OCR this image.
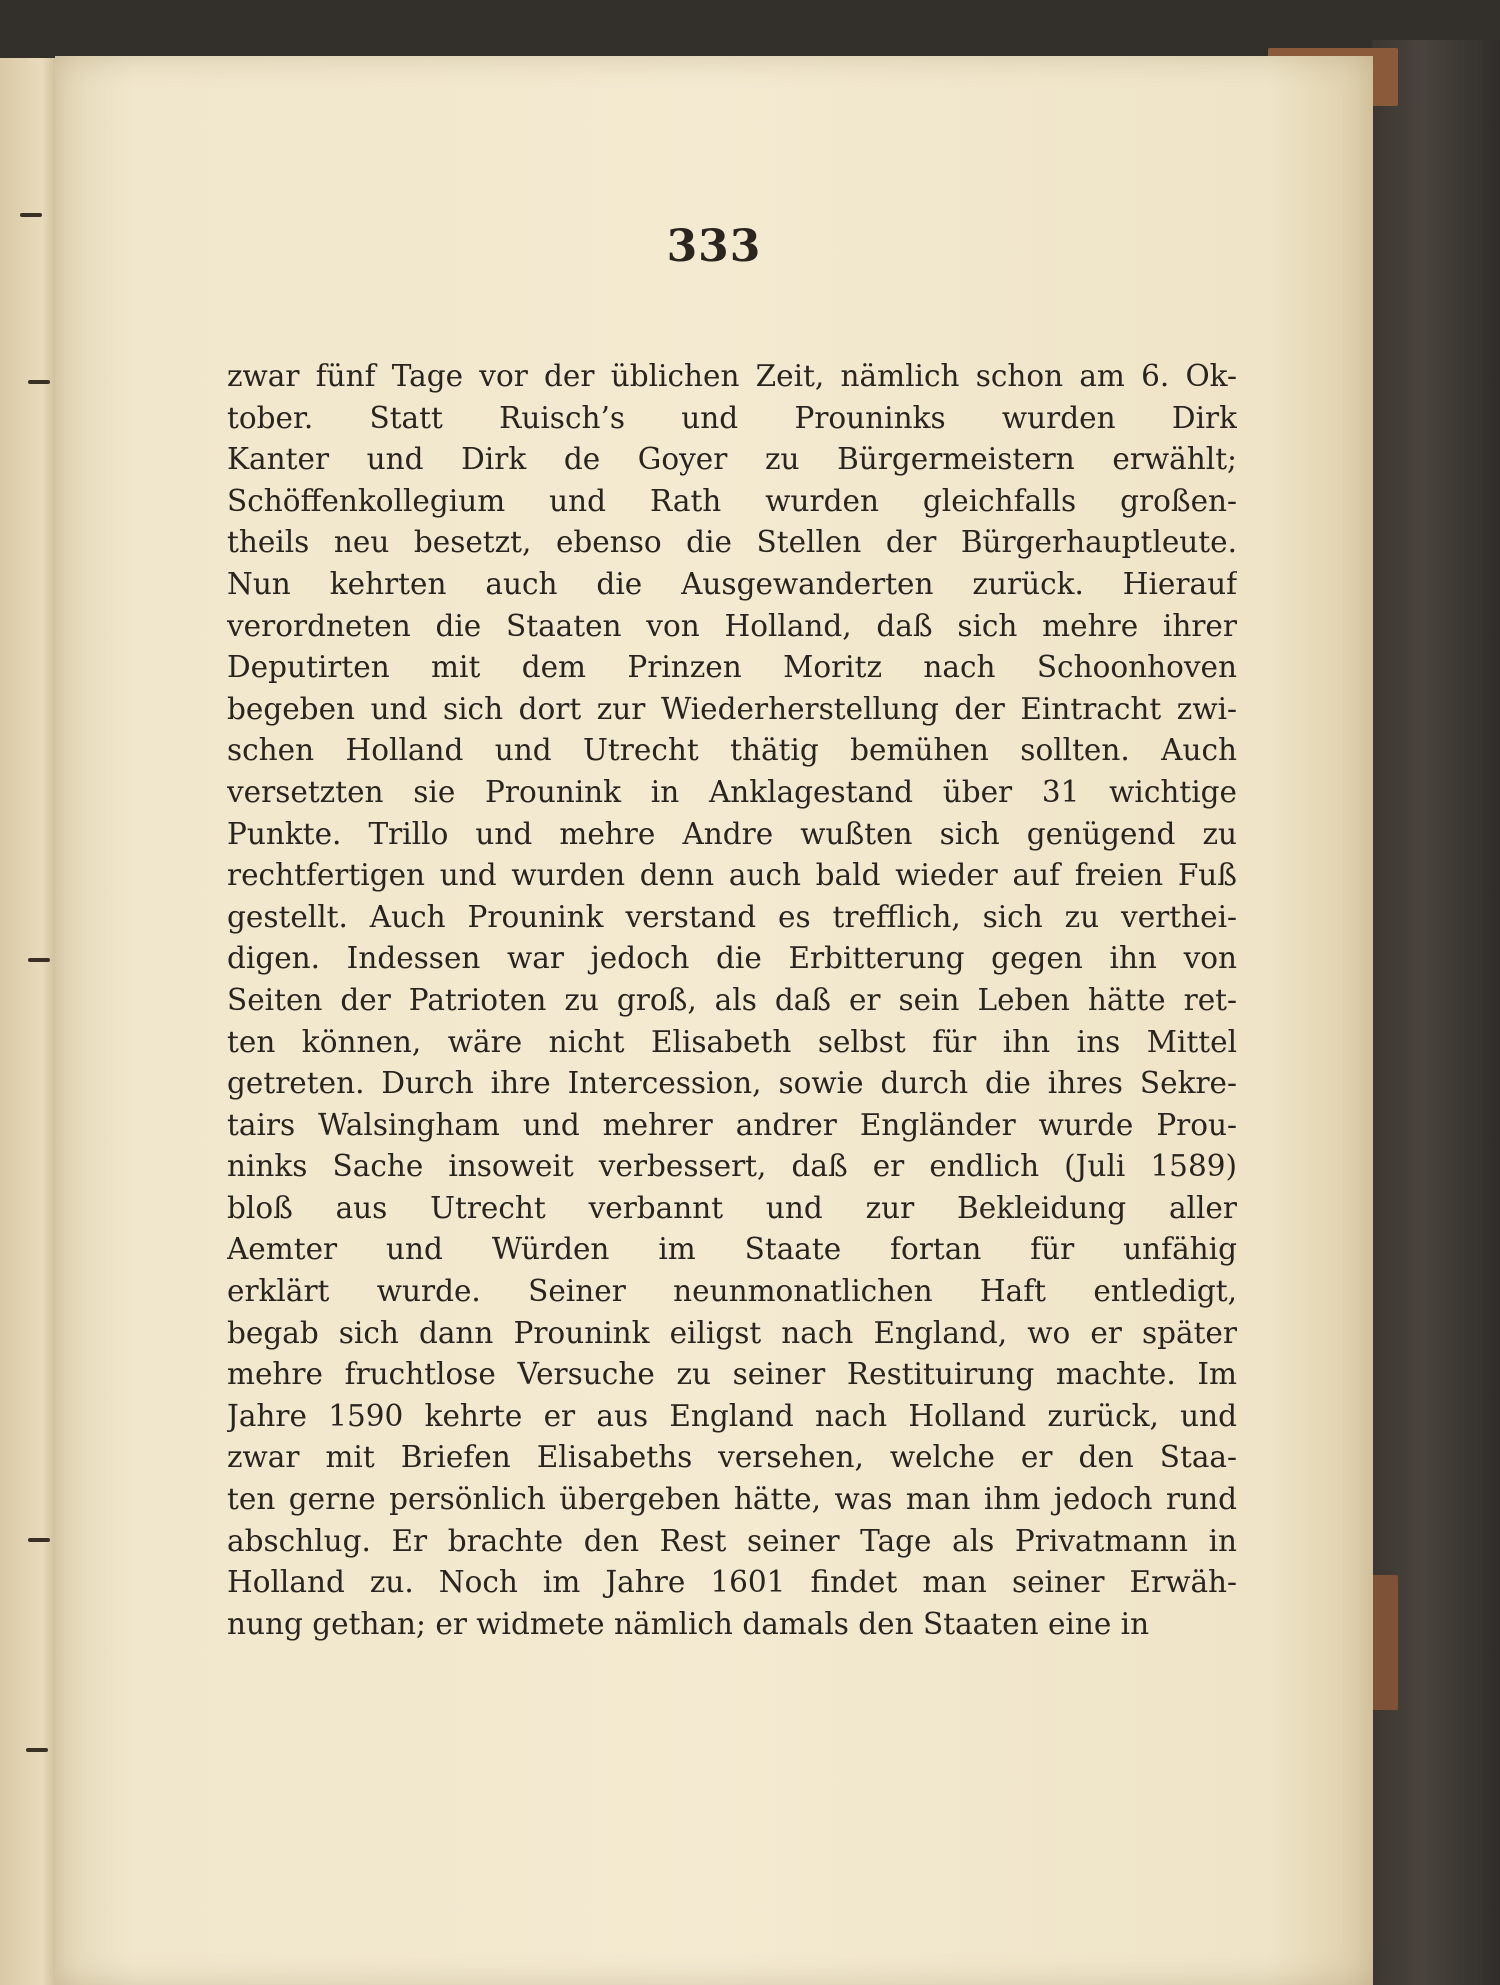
333
zwar fünf Tage vor der üblichen Zeit, nämlich schon am 6. Ok-
tober. Statt Ruisch’s und Prouninks wurden Dirk
Kanter und Dirk de Goyer zu Bürgermeistern erwählt;
Schöffenkollegium und Rath wurden gleichfalls großen-
theils neu besetzt, ebenso die Stellen der Bürgerhauptleute.
Nun kehrten auch die Ausgewanderten zurück. Hierauf
verordneten die Staaten von Holland, daß sich mehre ihrer
Deputirten mit dem Prinzen Moritz nach Schoonhoven
begeben und sich dort zur Wiederherstellung der Eintracht zwi-
schen Holland und Utrecht thätig bemühen sollten. Auch
versetzten sie Prounink in Anklagestand über 31 wichtige
Punkte. Trillo und mehre Andre wußten sich genügend zu
rechtfertigen und wurden denn auch bald wieder auf freien Fuß
gestellt. Auch Prounink verstand es trefflich, sich zu verthei-
digen. Indessen war jedoch die Erbitterung gegen ihn von
Seiten der Patrioten zu groß, als daß er sein Leben hätte ret-
ten können, wäre nicht Elisabeth selbst für ihn ins Mittel
getreten. Durch ihre Intercession, sowie durch die ihres Sekre-
tairs Walsingham und mehrer andrer Engländer wurde Prou-
ninks Sache insoweit verbessert, daß er endlich (Juli 1589)
bloß aus Utrecht verbannt und zur Bekleidung aller
Aemter und Würden im Staate fortan für unfähig
erklärt wurde. Seiner neunmonatlichen Haft entledigt,
begab sich dann Prounink eiligst nach England, wo er später
mehre fruchtlose Versuche zu seiner Restituirung machte. Im
Jahre 1590 kehrte er aus England nach Holland zurück, und
zwar mit Briefen Elisabeths versehen, welche er den Staa-
ten gerne persönlich übergeben hätte, was man ihm jedoch rund
abschlug. Er brachte den Rest seiner Tage als Privatmann in
Holland zu. Noch im Jahre 1601 findet man seiner Erwäh-
nung gethan; er widmete nämlich damals den Staaten eine in
